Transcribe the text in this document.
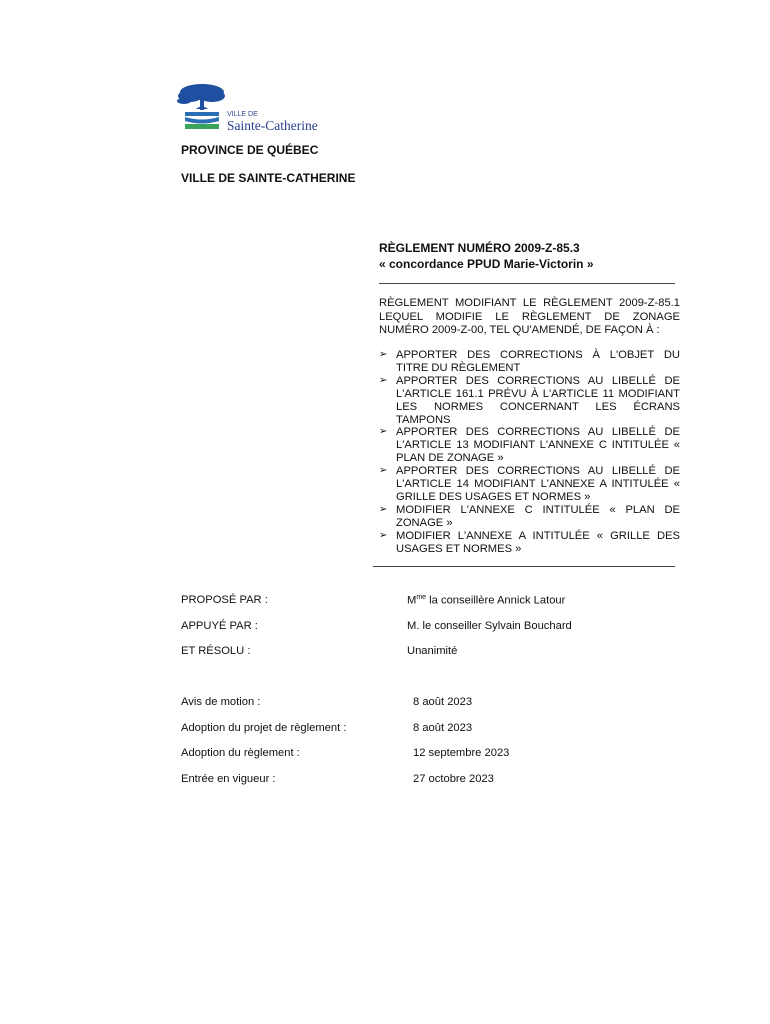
VILLE DE
Sainte-Catherine
PROVINCE DE QUÉBEC
VILLE DE SAINTE-CATHERINE
RÈGLEMENT NUMÉRO 2009-Z-85.3
« concordance PPUD Marie-Victorin »
RÈGLEMENT MODIFIANT LE RÈGLEMENT 2009-Z-85.1
LEQUEL MODIFIE LE RÈGLEMENT DE ZONAGE
NUMÉRO 2009-Z-00, TEL QU'AMENDÉ, DE FAÇON À :
➢ APPORTER DES CORRECTIONS À L'OBJET DU TITRE DU RÈGLEMENT
➢ APPORTER DES CORRECTIONS AU LIBELLÉ DE L'ARTICLE 161.1 PRÉVU À L'ARTICLE 11 MODIFIANT LES NORMES CONCERNANT LES ÉCRANS TAMPONS
➢ APPORTER DES CORRECTIONS AU LIBELLÉ DE L'ARTICLE 13 MODIFIANT L'ANNEXE C INTITULÉE « PLAN DE ZONAGE »
➢ APPORTER DES CORRECTIONS AU LIBELLÉ DE L'ARTICLE 14 MODIFIANT L'ANNEXE A INTITULÉE « GRILLE DES USAGES ET NORMES »
➢ MODIFIER L'ANNEXE C INTITULÉE « PLAN DE ZONAGE »
➢ MODIFIER L'ANNEXE A INTITULÉE « GRILLE DES USAGES ET NORMES »
PROPOSÉ PAR :	$M^{me}$ la conseillère Annick Latour
APPUYÉ PAR :	M. le conseiller Sylvain Bouchard
ET RÉSOLU :	Unanimité
Avis de motion :	8 août 2023
Adoption du projet de règlement :	8 août 2023
Adoption du règlement :	12 septembre 2023
Entrée en vigueur :	27 octobre 2023
